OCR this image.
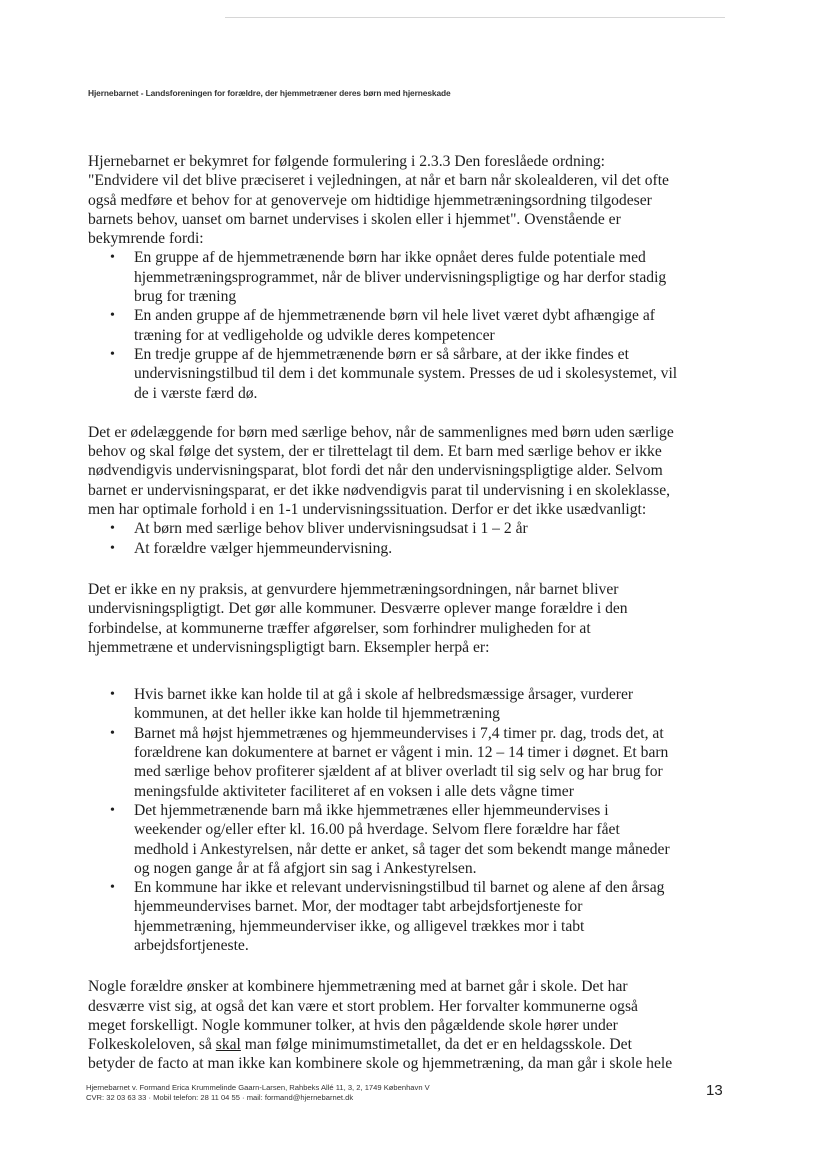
Hjernebarnet - Landsforeningen for forældre, der hjemmetræner deres børn med hjerneskade

Hjernebarnet er bekymret for følgende formulering i 2.3.3 Den foreslåede ordning:
"Endvidere vil det blive præciseret i vejledningen, at når et barn når skolealderen, vil det ofte
også medføre et behov for at genoverveje om hidtidige hjemmetræningsordning tilgodeser
barnets behov, uanset om barnet undervises i skolen eller i hjemmet". Ovenstående er
bekymrende fordi:

• En gruppe af de hjemmetrænende børn har ikke opnået deres fulde potentiale med
hjemmetræningsprogrammet, når de bliver undervisningspligtige og har derfor stadig
brug for træning
• En anden gruppe af de hjemmetrænende børn vil hele livet været dybt afhængige af
træning for at vedligeholde og udvikle deres kompetencer
• En tredje gruppe af de hjemmetrænende børn er så sårbare, at der ikke findes et
undervisningstilbud til dem i det kommunale system. Presses de ud i skolesystemet, vil
de i værste færd dø.

Det er ødelæggende for børn med særlige behov, når de sammenlignes med børn uden særlige
behov og skal følge det system, der er tilrettelagt til dem. Et barn med særlige behov er ikke
nødvendigvis undervisningsparat, blot fordi det når den undervisningspligtige alder. Selvom
barnet er undervisningsparat, er det ikke nødvendigvis parat til undervisning i en skoleklasse,
men har optimale forhold i en 1-1 undervisningssituation. Derfor er det ikke usædvanligt:

• At børn med særlige behov bliver undervisningsudsat i 1 – 2 år
• At forældre vælger hjemmeundervisning.

Det er ikke en ny praksis, at genvurdere hjemmetræningsordningen, når barnet bliver
undervisningspligtigt. Det gør alle kommuner. Desværre oplever mange forældre i den
forbindelse, at kommunerne træffer afgørelser, som forhindrer muligheden for at
hjemmetræne et undervisningspligtigt barn. Eksempler herpå er:

• Hvis barnet ikke kan holde til at gå i skole af helbredsmæssige årsager, vurderer
kommunen, at det heller ikke kan holde til hjemmetræning
• Barnet må højst hjemmetrænes og hjemmeundervises i 7,4 timer pr. dag, trods det, at
forældrene kan dokumentere at barnet er vågent i min. 12 – 14 timer i døgnet. Et barn
med særlige behov profiterer sjældent af at bliver overladt til sig selv og har brug for
meningsfulde aktiviteter faciliteret af en voksen i alle dets vågne timer
• Det hjemmetrænende barn må ikke hjemmetrænes eller hjemmeundervises i
weekender og/eller efter kl. 16.00 på hverdage. Selvom flere forældre har fået
medhold i Ankestyrelsen, når dette er anket, så tager det som bekendt mange måneder
og nogen gange år at få afgjort sin sag i Ankestyrelsen.
• En kommune har ikke et relevant undervisningstilbud til barnet og alene af den årsag
hjemmeundervises barnet. Mor, der modtager tabt arbejdsfortjeneste for
hjemmetræning, hjemmeunderviser ikke, og alligevel trækkes mor i tabt
arbejdsfortjeneste.

Nogle forældre ønsker at kombinere hjemmetræning med at barnet går i skole. Det har
desværre vist sig, at også det kan være et stort problem. Her forvalter kommunerne også
meget forskelligt. Nogle kommuner tolker, at hvis den pågældende skole hører under
Folkeskoleloven, så skal man følge minimumstimetallet, da det er en heldagsskole. Det
betyder de facto at man ikke kan kombinere skole og hjemmetræning, da man går i skole hele

Hjernebarnet v. Formand Erica Krummelinde Gaarn-Larsen, Rahbeks Allé 11, 3, 2, 1749 København V
CVR: 32 03 63 33 · Mobil telefon: 28 11 04 55 · mail: formand@hjernebarnet.dk	13
